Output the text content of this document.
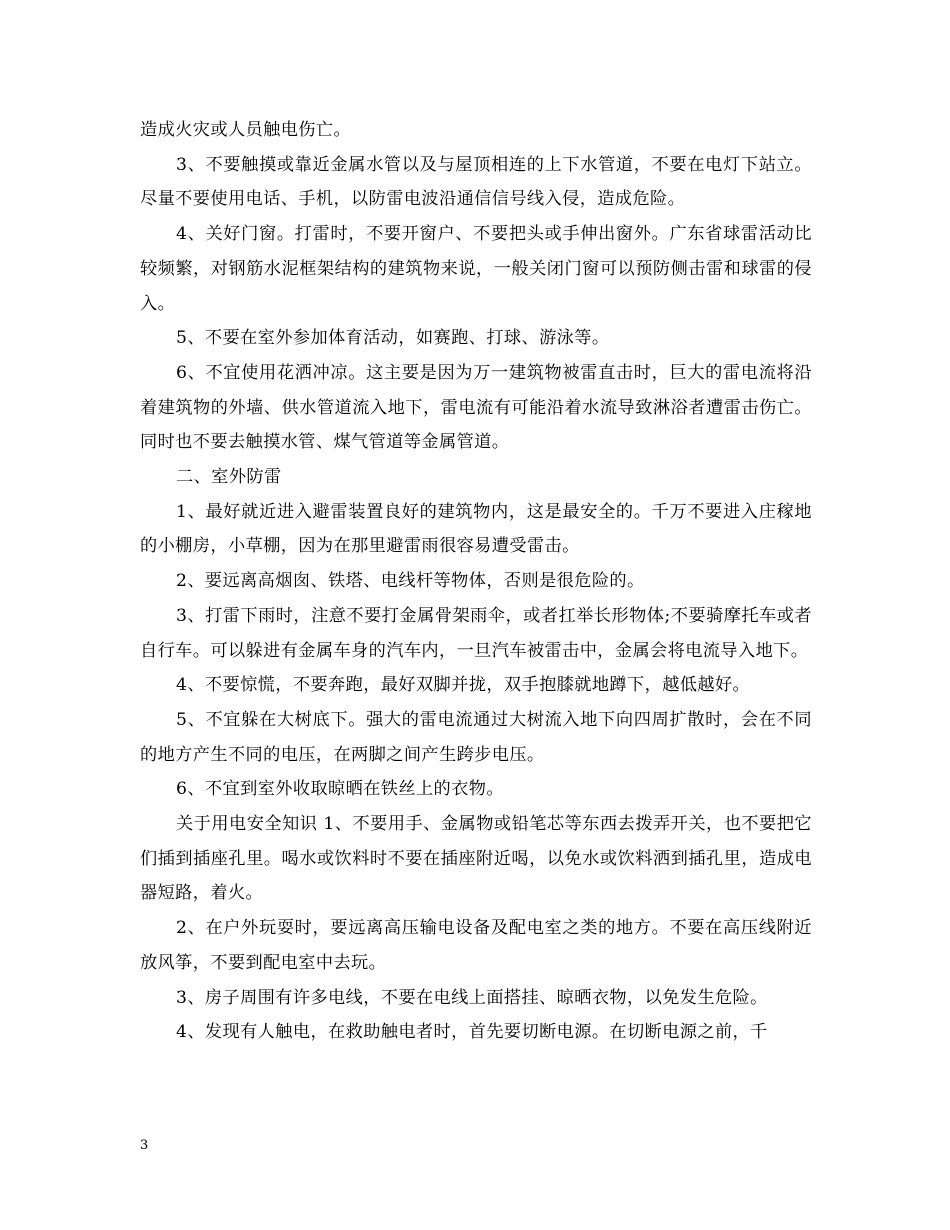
造成火灾或人员触电伤亡。

3、不要触摸或靠近金属水管以及与屋顶相连的上下水管道，不要在电灯下站立。尽量不要使用电话、手机，以防雷电波沿通信信号线入侵，造成危险。

4、关好门窗。打雷时，不要开窗户、不要把头或手伸出窗外。广东省球雷活动比较频繁，对钢筋水泥框架结构的建筑物来说，一般关闭门窗可以预防侧击雷和球雷的侵入。

5、不要在室外参加体育活动，如赛跑、打球、游泳等。

6、不宜使用花洒冲凉。这主要是因为万一建筑物被雷直击时，巨大的雷电流将沿着建筑物的外墙、供水管道流入地下，雷电流有可能沿着水流导致淋浴者遭雷击伤亡。同时也不要去触摸水管、煤气管道等金属管道。

二、室外防雷

1、最好就近进入避雷装置良好的建筑物内，这是最安全的。千万不要进入庄稼地的小棚房，小草棚，因为在那里避雷雨很容易遭受雷击。

2、要远离高烟囱、铁塔、电线杆等物体，否则是很危险的。

3、打雷下雨时，注意不要打金属骨架雨伞，或者扛举长形物体;不要骑摩托车或者自行车。可以躲进有金属车身的汽车内，一旦汽车被雷击中，金属会将电流导入地下。

4、不要惊慌，不要奔跑，最好双脚并拢，双手抱膝就地蹲下，越低越好。

5、不宜躲在大树底下。强大的雷电流通过大树流入地下向四周扩散时，会在不同的地方产生不同的电压，在两脚之间产生跨步电压。

6、不宜到室外收取晾晒在铁丝上的衣物。

关于用电安全知识 1、不要用手、金属物或铅笔芯等东西去拨弄开关，也不要把它们插到插座孔里。喝水或饮料时不要在插座附近喝，以免水或饮料洒到插孔里，造成电器短路，着火。

2、在户外玩耍时，要远离高压输电设备及配电室之类的地方。不要在高压线附近放风筝，不要到配电室中去玩。

3、房子周围有许多电线，不要在电线上面搭挂、晾晒衣物，以免发生危险。

4、发现有人触电，在救助触电者时，首先要切断电源。在切断电源之前，千

3
